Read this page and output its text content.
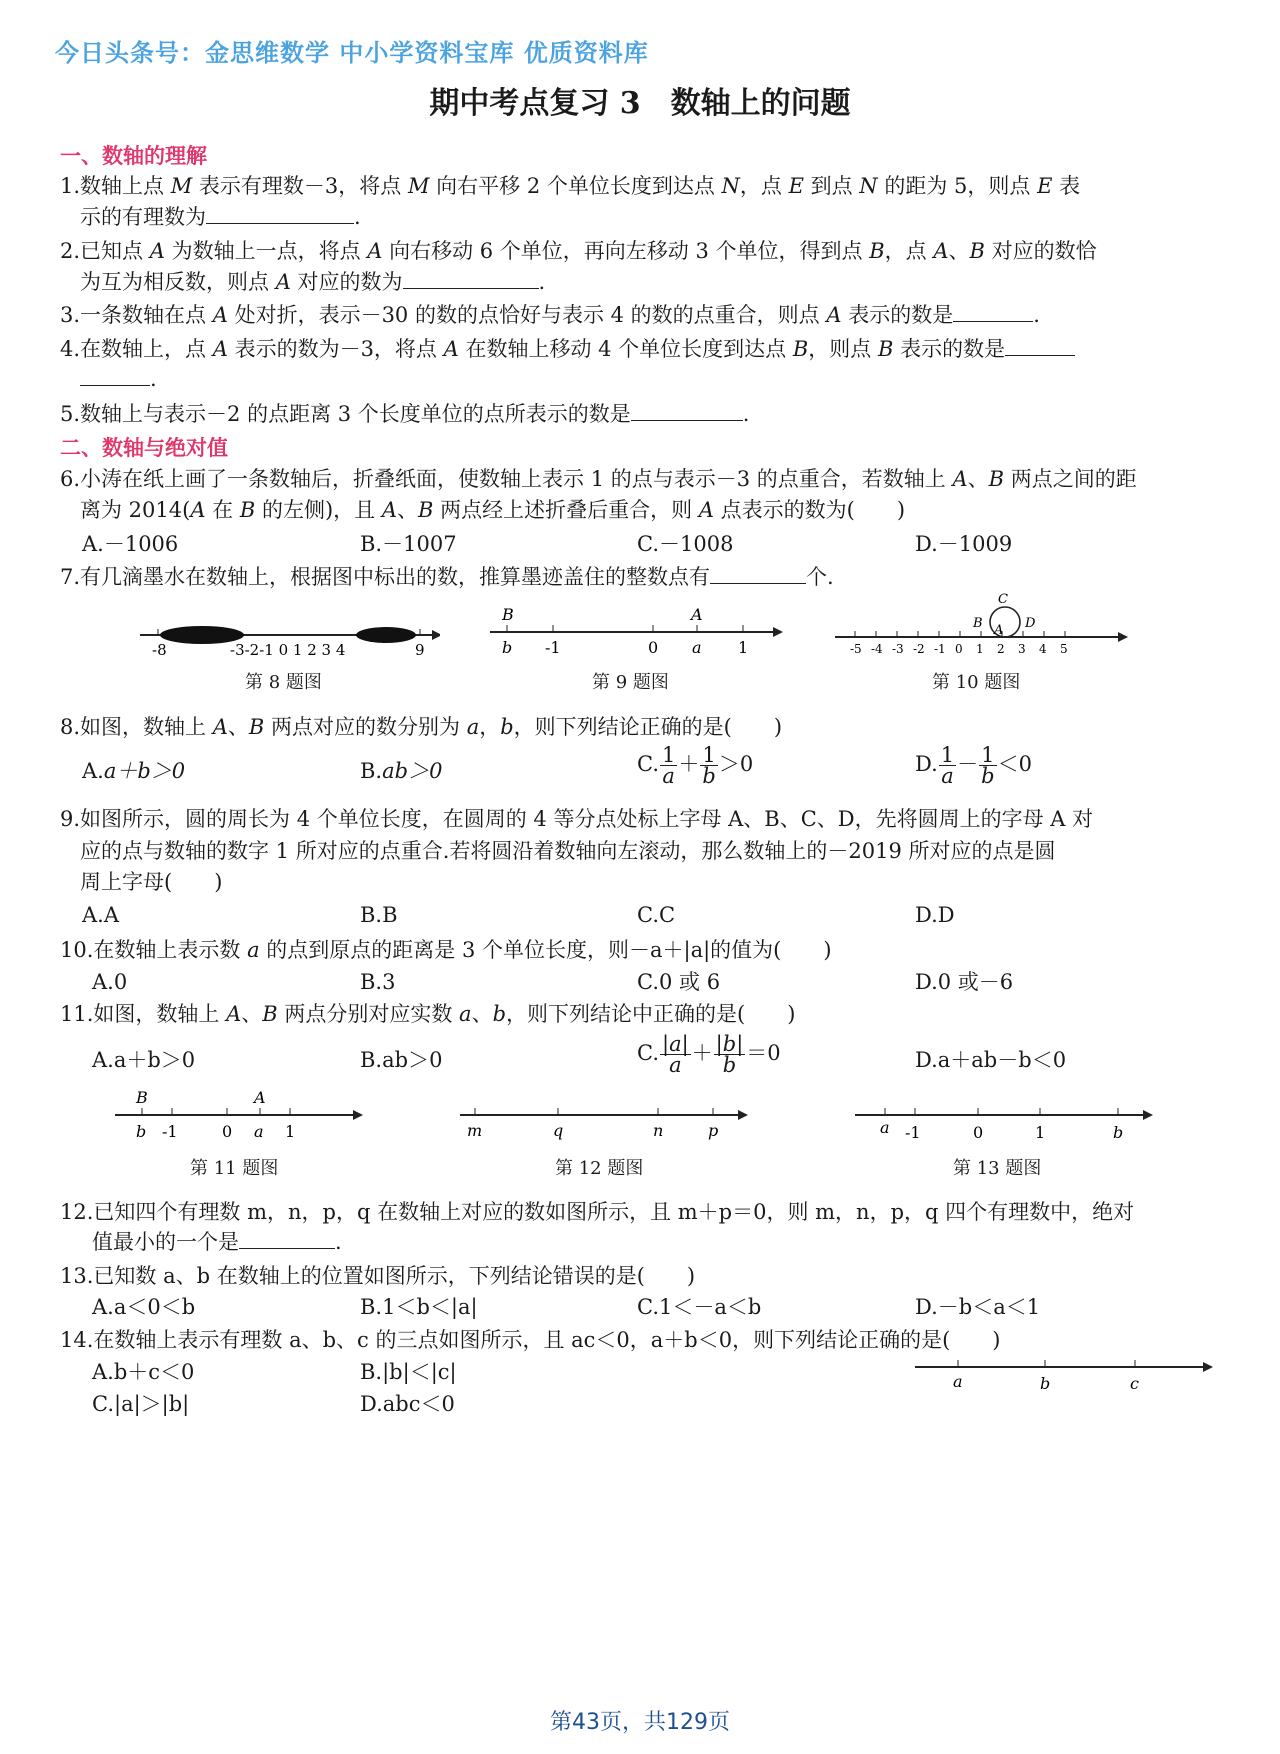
今日头条号：金思维数学 中小学资料宝库 优质资料库
期中考点复习 3　数轴上的问题
一、数轴的理解
1.数轴上点 M 表示有理数－3，将点 M 向右平移 2 个单位长度到达点 N，点 E 到点 N 的距为 5，则点 E 表
示的有理数为	.
2.已知点 A 为数轴上一点，将点 A 向右移动 6 个单位，再向左移动 3 个单位，得到点 B，点 A、B 对应的数恰
为互为相反数，则点 A 对应的数为	.
3.一条数轴在点 A 处对折，表示－30 的数的点恰好与表示 4 的数的点重合，则点 A 表示的数是	.
4.在数轴上，点 A 表示的数为－3，将点 A 在数轴上移动 4 个单位长度到达点 B，则点 B 表示的数是
.
5.数轴上与表示－2 的点距离 3 个长度单位的点所表示的数是	.
二、数轴与绝对值
6.小涛在纸上画了一条数轴后，折叠纸面，使数轴上表示 1 的点与表示－3 的点重合，若数轴上 A、B 两点之间的距
离为 2014(A 在 B 的左侧)，且 A、B 两点经上述折叠后重合，则 A 点表示的数为(　　)
A.－1006	B.－1007	C.－1008	D.－1009
7.有几滴墨水在数轴上，根据图中标出的数，推算墨迹盖住的整数点有	个.
-8	-3-2-1 0 1 2 3 4	9
第 8 题图
B
b -1	0
A
a 1
第 9 题图
C
B A D
-5 -4 -3 -2 -1 0 1 2 3 4 5
第 10 题图
8.如图，数轴上 A、B 两点对应的数分别为 a，b，则下列结论正确的是(　　)
A.a＋b＞0	B.ab＞0	C. $\frac{1}{a} + \frac{1}{b} >0$	D. $\frac{1}{a} - \frac{1}{b} <0$
9.如图所示，圆的周长为 4 个单位长度，在圆周的 4 等分点处标上字母 A、B、C、D，先将圆周上的字母 A 对
应的点与数轴的数字 1 所对应的点重合.若将圆沿着数轴向左滚动，那么数轴上的－2019 所对应的点是圆
周上字母(　　)
A.A	B.B	C.C	D.D
10.在数轴上表示数 a 的点到原点的距离是 3 个单位长度，则－a＋|a|的值为(　　)
A.0	B.3	C.0 或 6	D.0 或－6
11.如图，数轴上 A、B 两点分别对应实数 a、b，则下列结论中正确的是(　　)
A.a＋b＞0	B.ab＞0	C. $\frac{|a|}{a} + \frac{|b|}{b} =0$	D.a＋ab－b＜0
B	A
b -1	0 a 1
第 11 题图
m	q	n	p
第 12 题图
a -1	0	1	b
第 13 题图
12.已知四个有理数 m，n，p，q 在数轴上对应的数如图所示，且 m＋p＝0，则 m，n，p，q 四个有理数中，绝对
值最小的一个是	.
13.已知数 a、b 在数轴上的位置如图所示，下列结论错误的是(　　)
A.a＜0＜b	B.1＜b＜|a|	C.1＜－a＜b	D.－b＜a＜1
14.在数轴上表示有理数 a、b、c 的三点如图所示，且 ac＜0，a＋b＜0，则下列结论正确的是(　　)
A.b＋c＜0	B.|b|＜|c|
C.|a|＞|b|	D.abc＜0
a	b	c
第43页，共129页
